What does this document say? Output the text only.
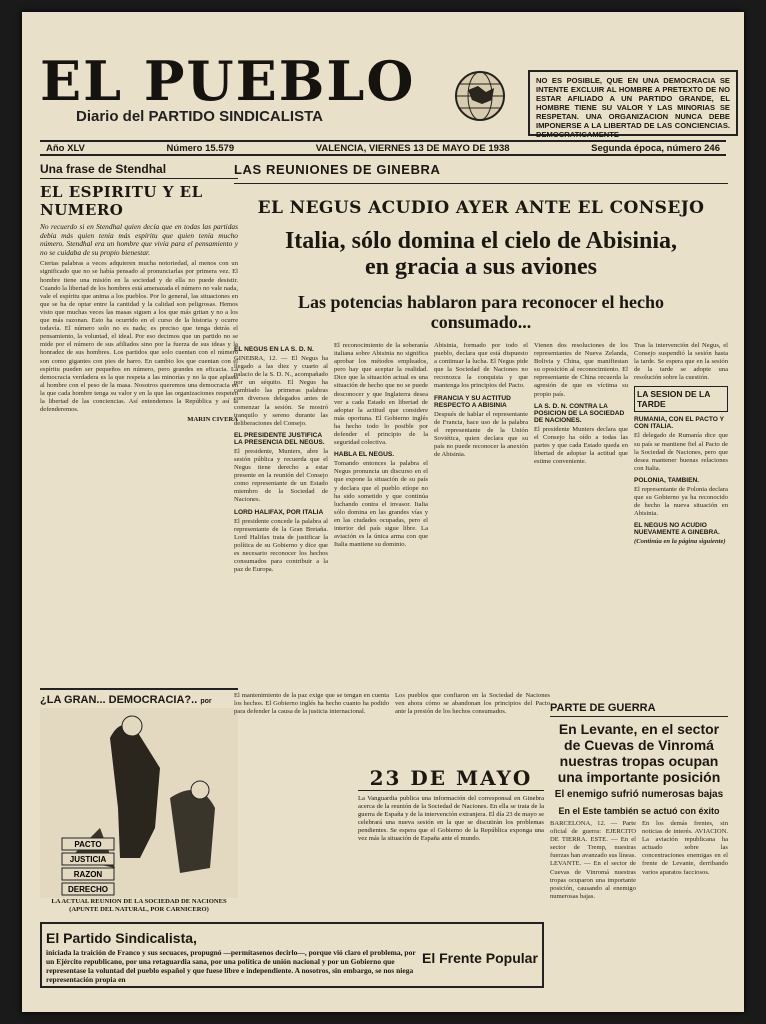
EL PUEBLO
Diario del PARTIDO SINDICALISTA
NO ES POSIBLE, QUE EN UNA DEMOCRACIA SE INTENTE EXCLUIR AL HOMBRE A PRETEXTO DE NO ESTAR AFILIADO A UN PARTIDO GRANDE, EL HOMBRE TIENE SU VALOR Y LAS MINORIAS SE RESPETAN. UNA ORGANIZACION NUNCA DEBE IMPONERSE A LA LIBERTAD DE LAS CONCIENCIAS. DEMOCRATICAMENTE
Año XLV	Número 15.579	VALENCIA, VIERNES 13 DE MAYO DE 1938	Segunda época, número 246
Una frase de Stendhal
EL ESPIRITU Y EL NUMERO
No recuerdo si en Stendhal quien decía que en todas las partidas debía más quien tenía más espíritu que quien tenía mucho número. Stendhal era un hombre que vivía para el pensamiento y no se cuidaba de su propio bienestar.
Ciertas palabras a veces adquieren mucha notoriedad, al menos con un significado que no se había pensado al pronunciarlas por primera vez. El hombre tiene una misión en la sociedad y de ella no puede desistir. Cuando la libertad de los hombres está amenazada el número no vale nada, vale el espíritu que anima a los pueblos. Por lo general, las situaciones en que se ha de optar entre la cantidad y la calidad son peligrosas. Hemos visto que muchas veces las masas siguen a los que más gritan y no a los que más razonan. Esto ha ocurrido en el curso de la historia y ocurre todavía. El número solo no es nada; es preciso que tenga detrás el pensamiento, la voluntad, el ideal. Por eso decimos que un partido no se mide por el número de sus afiliados sino por la fuerza de sus ideas y la honradez de sus hombres. Los partidos que solo cuentan con el número son como gigantes con pies de barro. En cambio los que cuentan con el espíritu pueden ser pequeños en número, pero grandes en eficacia. La democracia verdadera es la que respeta a las minorías y no la que aplasta al hombre con el peso de la masa. Nosotros queremos una democracia en la que cada hombre tenga su valor y en la que las organizaciones respeten la libertad de las conciencias. Así entendemos la República y así la defenderemos.
MARIN CIVERA
¿LA GRAN... DEMOCRACIA?.. por
PACTO
JUSTICIA
RAZON
DERECHO
LA ACTUAL REUNION DE LA SOCIEDAD DE NACIONES (APUNTE DEL NATURAL, POR CARNICERO)
LAS REUNIONES DE GINEBRA
EL NEGUS ACUDIO AYER ANTE EL CONSEJO
Italia, sólo domina el cielo de Abisinia,
en gracia a sus aviones
Las potencias hablaron para reconocer el hecho
consumado...
EL NEGUS EN LA S. D. N.
GINEBRA, 12. — El Negus ha llegado a las diez y cuarto al palacio de la S. D. N., acompañado por un séquito. El Negus ha cambiado las primeras palabras con diversos delegados antes de comenzar la sesión. Se mostró tranquilo y sereno durante las deliberaciones del Consejo.
EL PRESIDENTE JUSTIFICA LA PRESENCIA DEL NEGUS.
El presidente, Munters, abre la sesión pública y recuerda que el Negus tiene derecho a estar presente en la reunión del Consejo como representante de un Estado miembro de la Sociedad de Naciones.
LORD HALIFAX, POR ITALIA
El presidente concede la palabra al representante de la Gran Bretaña. Lord Halifax trata de justificar la política de su Gobierno y dice que es necesario reconocer los hechos consumados para contribuir a la paz de Europa.
El reconocimiento de la soberanía italiana sobre Abisinia no significa aprobar los métodos empleados, pero hay que aceptar la realidad. Dice que la situación actual es una situación de hecho que no se puede desconocer y que Inglaterra desea ver a cada Estado en libertad de adoptar la actitud que considere más oportuna. El Gobierno inglés ha hecho todo lo posible por defender el principio de la seguridad colectiva.
HABLA EL NEGUS.
Tomando entonces la palabra el Negus pronuncia un discurso en el que expone la situación de su país y declara que el pueblo etíope no ha sido sometido y que continúa luchando contra el invasor. Italia sólo domina en las grandes vías y en las ciudades ocupadas, pero el interior del país sigue libre. La aviación es la única arma con que Italia mantiene su dominio.
Abisinia, formado por todo el pueblo, declara que está dispuesto a continuar la lucha. El Negus pide que la Sociedad de Naciones no reconozca la conquista y que mantenga los principios del Pacto.
FRANCIA Y SU ACTITUD RESPECTO A ABISINIA
Después de hablar el representante de Francia, hace uso de la palabra el representante de la Unión Soviética, quien declara que su país no puede reconocer la anexión de Abisinia.
Vienen dos resoluciones de los representantes de Nueva Zelanda, Bolivia y China, que manifiestan su oposición al reconocimiento. El representante de China recuerda la agresión de que es víctima su propio país.
LA S. D. N. CONTRA LA POSICION DE LA SOCIEDAD DE NACIONES.
El presidente Munters declara que el Consejo ha oído a todas las partes y que cada Estado queda en libertad de adoptar la actitud que estime conveniente.
Tras la intervención del Negus, el Consejo suspendió la sesión hasta la tarde. Se espera que en la sesión de la tarde se adopte una resolución sobre la cuestión.
LA SESION DE LA TARDE
RUMANIA, CON EL PACTO Y CON ITALIA.
El delegado de Rumanía dice que su país se mantiene fiel al Pacto de la Sociedad de Naciones, pero que desea mantener buenas relaciones con Italia.
POLONIA, TAMBIEN.
El representante de Polonia declara que su Gobierno ya ha reconocido de hecho la nueva situación en Abisinia.
EL NEGUS NO ACUDIO NUEVAMENTE A GINEBRA.
(Continúa en la página siguiente)
El mantenimiento de la paz exige que se tengan en cuenta los hechos. El Gobierno inglés ha hecho cuanto ha podido para defender la causa de la justicia internacional.
Los pueblos que confiaron en la Sociedad de Naciones ven ahora cómo se abandonan los principios del Pacto ante la presión de los hechos consumados.
23 DE MAYO
La Vanguardia publica una información del corresponsal en Ginebra acerca de la reunión de la Sociedad de Naciones. En ella se trata de la guerra de España y de la intervención extranjera. El día 23 de mayo se celebrará una nueva sesión en la que se discutirán los problemas pendientes. Se espera que el Gobierno de la República exponga una vez más la situación de España ante el mundo.
PARTE DE GUERRA
En Levante, en el sector de Cuevas de Vinromá nuestras tropas ocupan una importante posición
El enemigo sufrió numerosas bajas
En el Este también se actuó con éxito
BARCELONA, 12. — Parte oficial de guerra: EJERCITO DE TIERRA. ESTE. — En el sector de Tremp, nuestras fuerzas han avanzado sus líneas. LEVANTE. — En el sector de Cuevas de Vinromá nuestras tropas ocuparon una importante posición, causando al enemigo numerosas bajas.
En los demás frentes, sin noticias de interés. AVIACION. La aviación republicana ha actuado sobre las concentraciones enemigas en el frente de Levante, derribando varios aparatos facciosos.
El Partido Sindicalista,
iniciada la traición de Franco y sus secuaces, propugnó —permítasenos decirlo—, porque vió claro el problema, por un Ejército republicano, por una retaguardia sana, por una política de unión nacional y por un Gobierno que representase la voluntad del pueblo español y que fuese libre e independiente. A nosotros, sin embargo, se nos niega representación propia en
El Frente Popular
